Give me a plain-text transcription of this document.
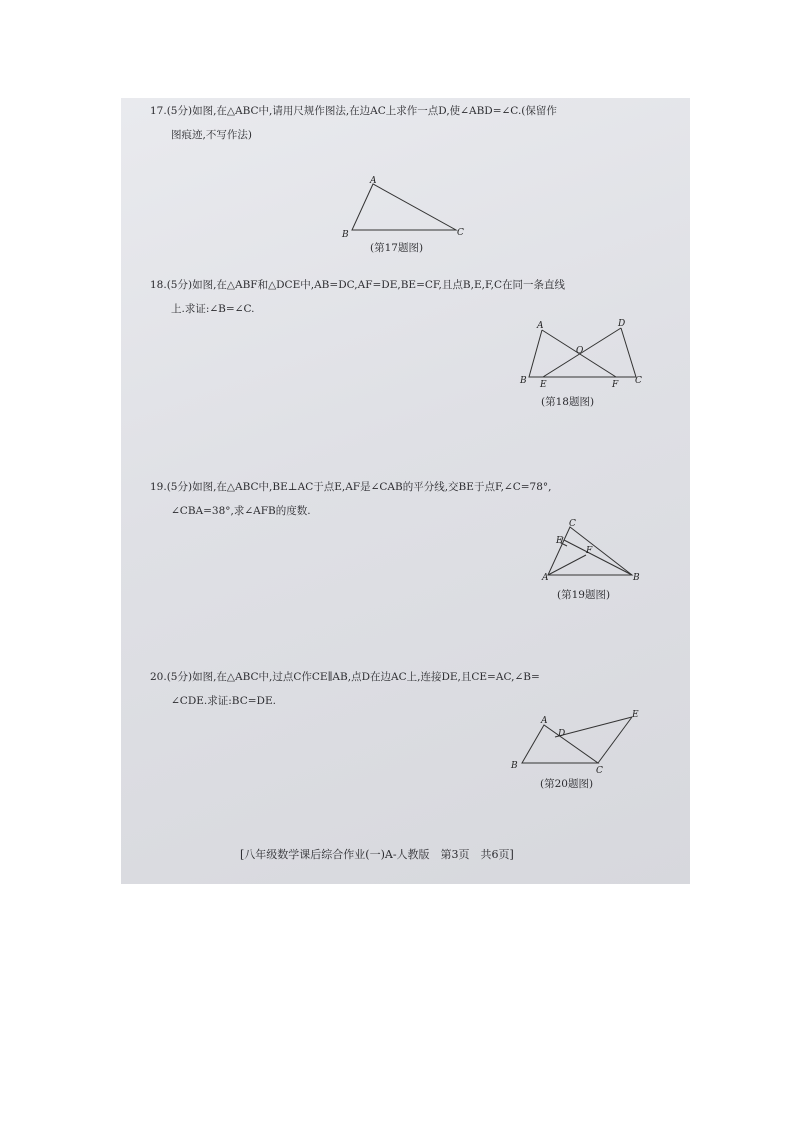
17.(5分)如图,在△ABC中,请用尺规作图法,在边AC上求作一点D,使∠ABD=∠C.(保留作
图痕迹,不写作法)
A
B	C
(第17题图)
18.(5分)如图,在△ABF和△DCE中,AB=DC,AF=DE,BE=CF,且点B,E,F,C在同一条直线
上.求证:∠B=∠C.
A	D
O
B E	F C
(第18题图)
19.(5分)如图,在△ABC中,BE⊥AC于点E,AF是∠CAB的平分线,交BE于点F,∠C=78°,
∠CBA=38°,求∠AFB的度数.
C
E
F
A	B
(第19题图)
20.(5分)如图,在△ABC中,过点C作CE∥AB,点D在边AC上,连接DE,且CE=AC,∠B=
∠CDE.求证:BC=DE.
A
D
E
B	C
(第20题图)
[八年级数学课后综合作业(一)A-人教版　第3页　共6页]
